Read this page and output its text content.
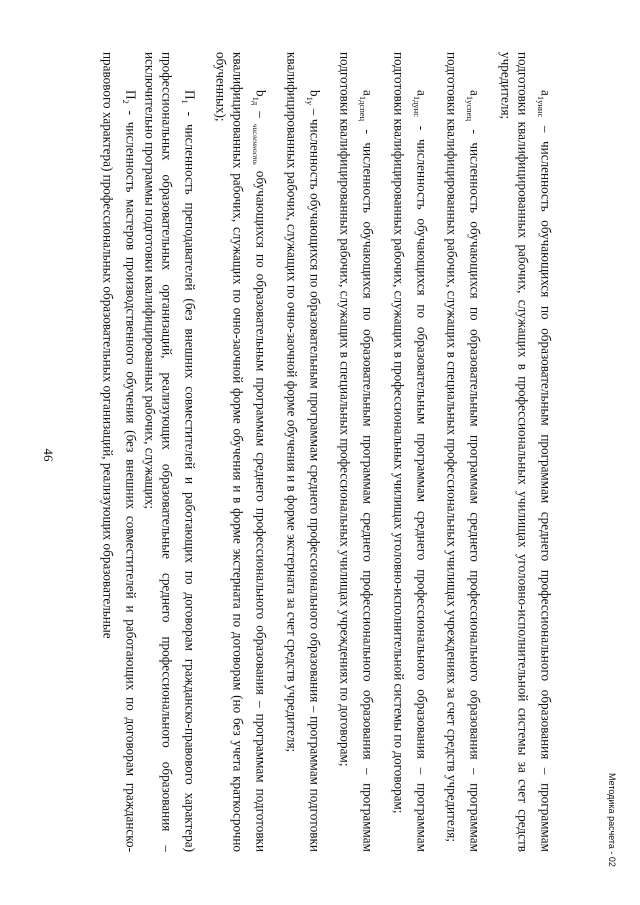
46

$a_{1уннс}$ – численность обучающихся по образовательным программам среднего профессионального образования – программам подготовки квалифицированных рабочих, служащих в профессиональных училищах уголовно-исполнительной системы за счет средств учредителя;

$a_{1успец}$ - численность обучающихся по образовательным программам среднего профессионального образования – программам подготовки квалифицированных рабочих, служащих в специальных профессиональных училищах учреждениях за счет средств учредителя;

$a_{1дунс}$ - численность обучающихся по образовательным программам среднего профессионального образования – программам подготовки квалифицированных рабочих, служащих в профессиональных училищах уголовно-исполнительной системы по договорам;

$a_{1дспец}$ - численность обучающихся по образовательным программам среднего профессионального образования – программам подготовки квалифицированных рабочих, служащих в специальных профессиональных училищах учреждениях по договорам;

$b_{1у}$ – численность обучающихся по образовательным программам среднего профессионального образования – программам подготовки квалифицированных рабочих, служащих по очно-заочной форме обучения и в форме экстерната за счет средств учредителя;

$b_{1д} - _{численность}$ обучающихся по образовательным программам среднего профессионального образования – программам подготовки квалифицированных рабочих, служащих по очно-заочной форме обучения и в форме экстерната по договорам (но без учета краткосрочно обученных);

$П_1$ - численность преподавателей (без внешних совместителей и работающих по договорам гражданско-правового характера) профессиональных образовательных организаций, реализующих образовательные среднего профессионального образования – исключительно программы подготовки квалифицированных рабочих, служащих;

$П_2$ - численность мастеров производственного обучения (без внешних совместителей и работающих по договорам гражданско-правового характера) профессиональных образовательных организаций, реализующих образовательные

Методика расчета - 02
